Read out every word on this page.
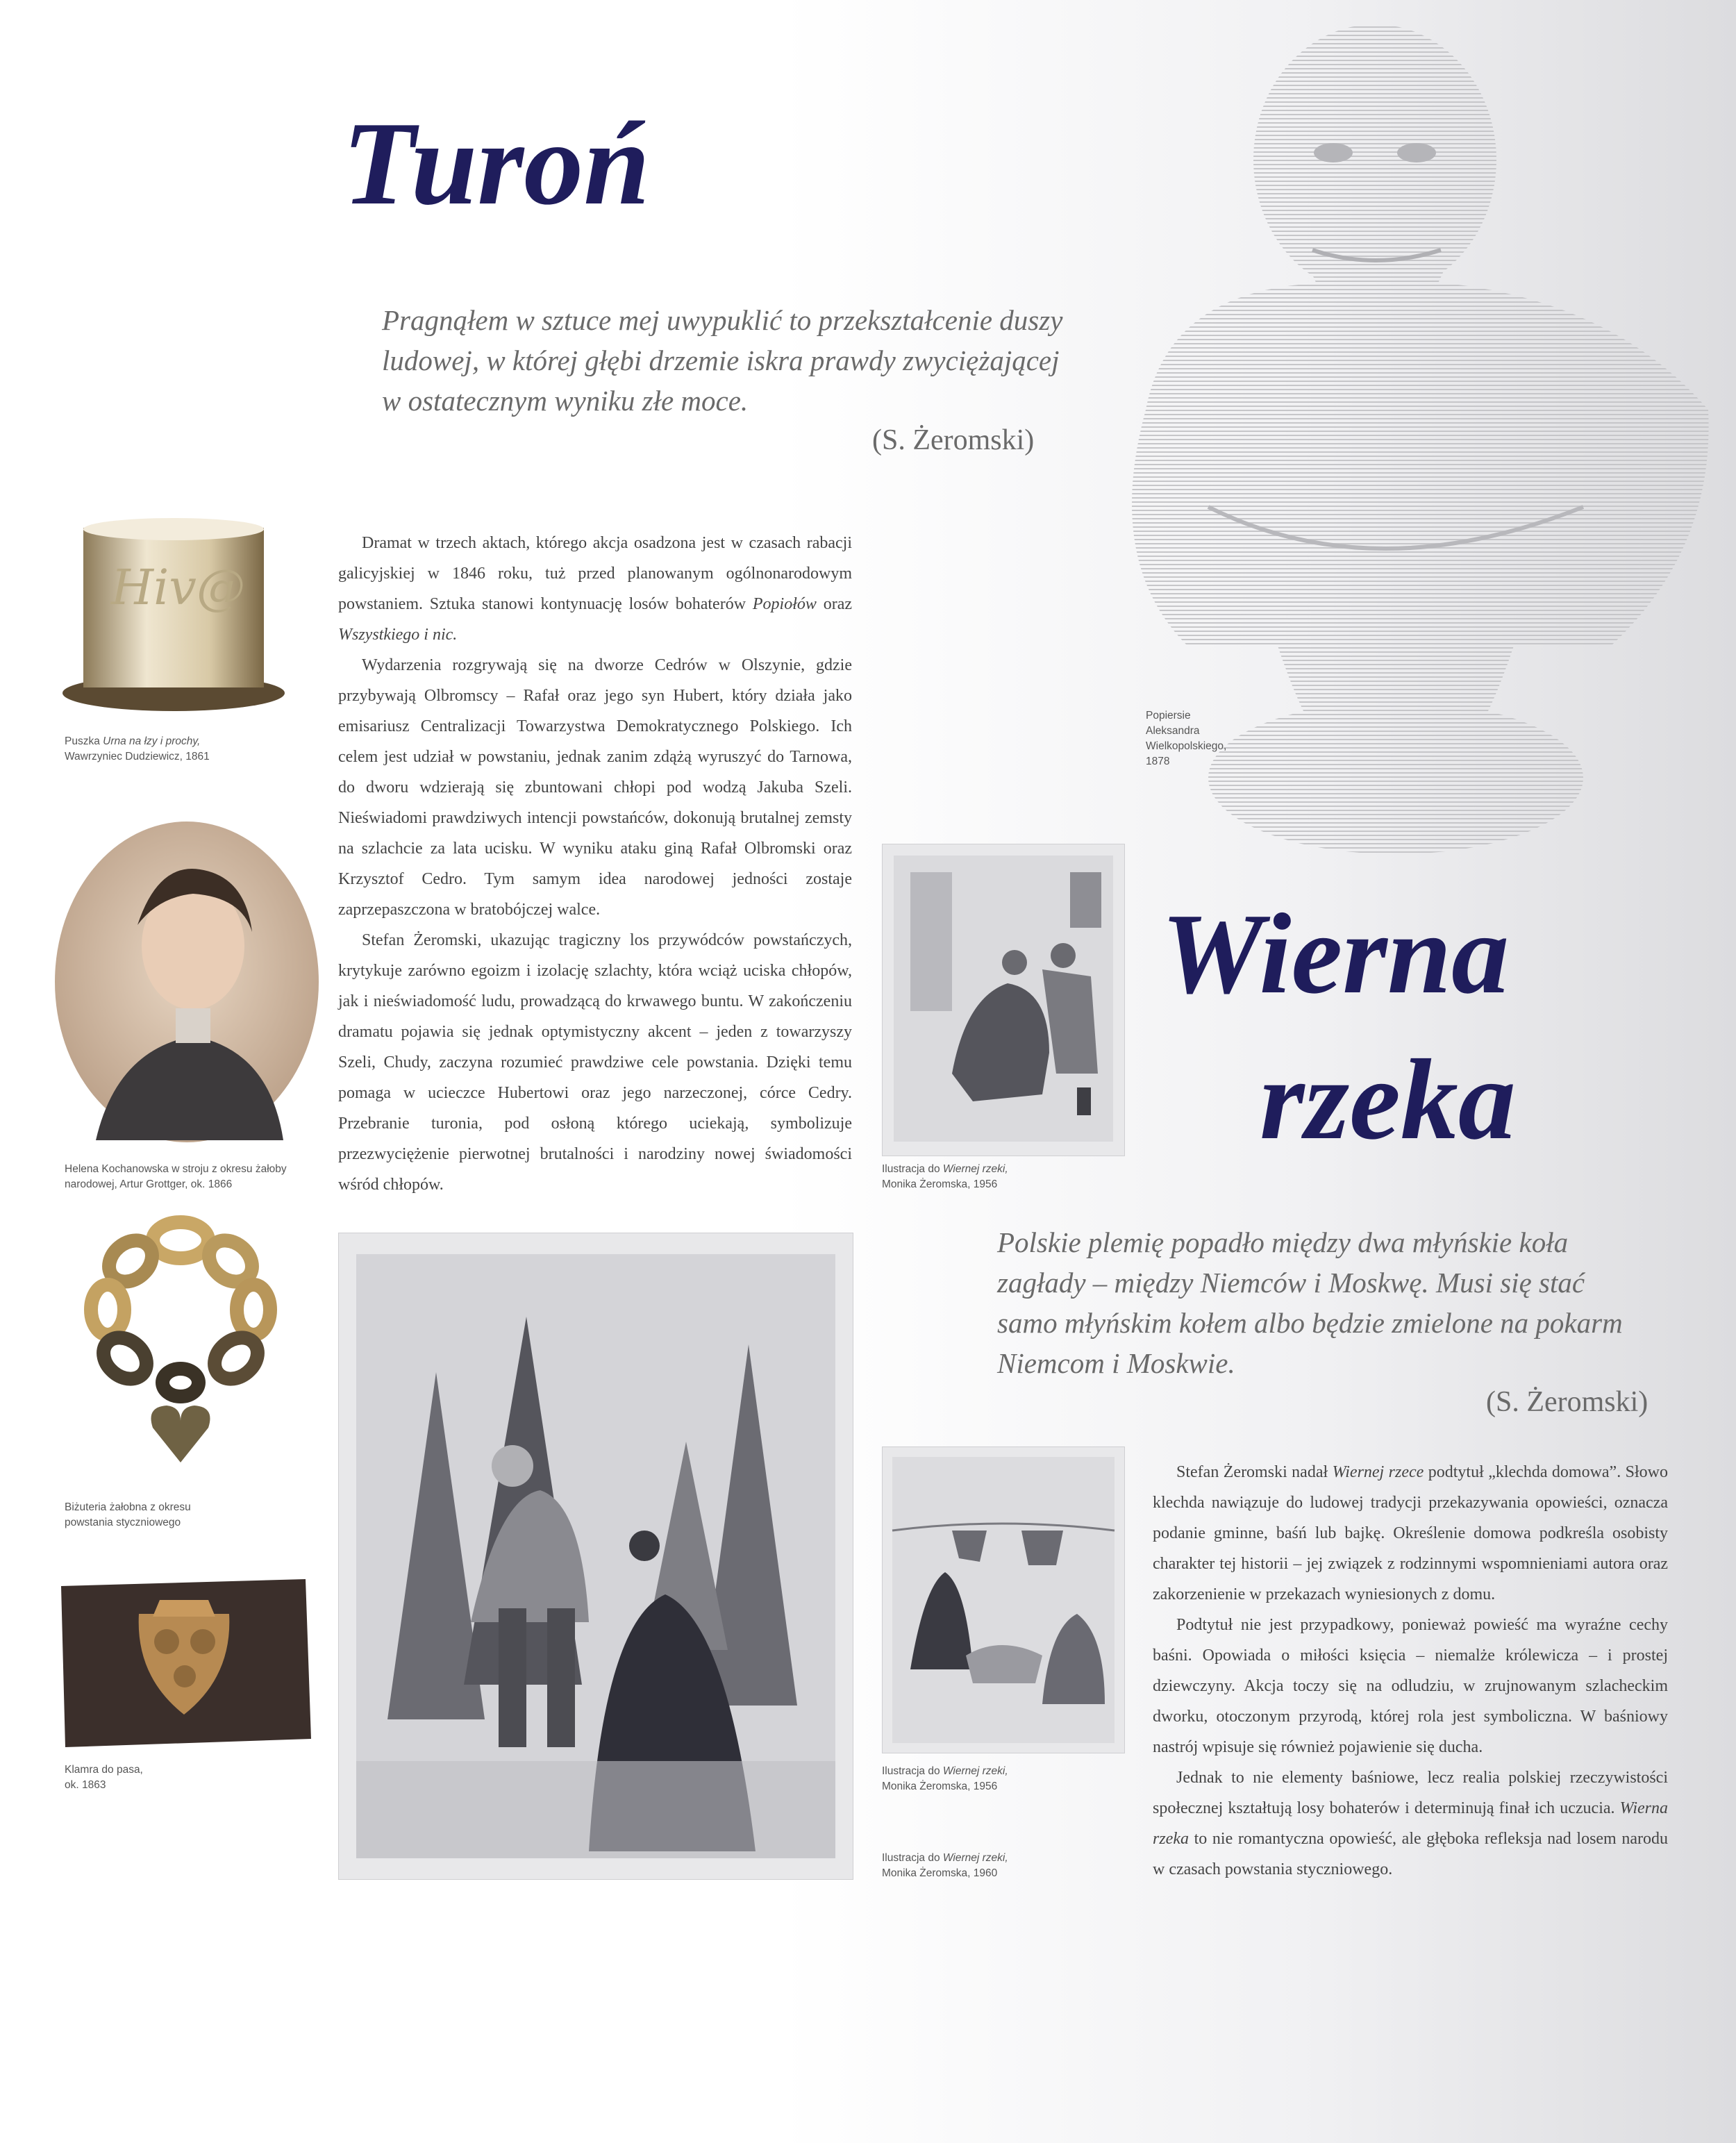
Turoń
Pragnąłem w sztuce mej uwypuklić to przekształcenie duszy ludowej, w której głębi drzemie iskra prawdy zwyciężającej w ostatecznym wyniku złe moce.
(S. Żeromski)
Hiv@
Puszka Urna na łzy i prochy,
Wawrzyniec Dudziewicz, 1861
Helena Kochanowska w stroju z okresu żałoby
narodowej, Artur Grottger, ok. 1866
Biżuteria żałobna z okresu
powstania styczniowego
Klamra do pasa,
ok. 1863

Dramat w trzech aktach, którego akcja osadzona jest w czasach rabacji galicyjskiej w 1846 roku, tuż przed planowanym ogólnonarodowym powstaniem. Sztuka stanowi kontynuację losów bohaterów Popiołów oraz Wszystkiego i nic.

Wydarzenia rozgrywają się na dworze Cedrów w Olszynie, gdzie przybywają Olbromscy – Rafał oraz jego syn Hubert, który działa jako emisariusz Centralizacji Towarzystwa Demokratycznego Polskiego. Ich celem jest udział w powstaniu, jednak zanim zdążą wyruszyć do Tarnowa, do dworu wdzierają się zbuntowani chłopi pod wodzą Jakuba Szeli. Nieświadomi prawdziwych intencji powstańców, dokonują brutalnej zemsty na szlachcie za lata ucisku. W wyniku ataku giną Rafał Olbromski oraz Krzysztof Cedro. Tym samym idea narodowej jedności zostaje zaprzepaszczona w bratobójczej walce.

Stefan Żeromski, ukazując tragiczny los przywódców powstańczych, krytykuje zarówno egoizm i izolację szlachty, która wciąż uciska chłopów, jak i nieświadomość ludu, prowadzącą do krwawego buntu. W zakończeniu dramatu pojawia się jednak optymistyczny akcent – jeden z towarzyszy Szeli, Chudy, zaczyna rozumieć prawdziwe cele powstania. Dzięki temu pomaga w ucieczce Hubertowi oraz jego narzeczonej, córce Cedry. Przebranie turonia, pod osłoną którego uciekają, symbolizuje przezwyciężenie pierwotnej brutalności i narodziny nowej świadomości wśród chłopów.

Popiersie
Aleksandra
Wielkopolskiego,
1878
Ilustracja do Wiernej rzeki,
Monika Żeromska, 1956
Wierna
rzeka
Polskie plemię popadło między dwa młyńskie koła zagłady – między Niemców i Moskwę. Musi się stać samo młyńskim kołem albo będzie zmielone na pokarm Niemcom i Moskwie.
(S. Żeromski)
Ilustracja do Wiernej rzeki,
Monika Żeromska, 1956
Ilustracja do Wiernej rzeki,
Monika Żeromska, 1960

Stefan Żeromski nadał Wiernej rzece podtytuł „klechda domowa”. Słowo klechda nawiązuje do ludowej tradycji przekazywania opowieści, oznacza podanie gminne, baśń lub bajkę. Określenie domowa podkreśla osobisty charakter tej historii – jej związek z rodzinnymi wspomnieniami autora oraz zakorzenienie w przekazach wyniesionych z domu.

Podtytuł nie jest przypadkowy, ponieważ powieść ma wyraźne cechy baśni. Opowiada o miłości księcia – niemalże królewicza – i prostej dziewczyny. Akcja toczy się na odludziu, w zrujnowanym szlacheckim dworku, otoczonym przyrodą, której rola jest symboliczna. W baśniowy nastrój wpisuje się również pojawienie się ducha.

Jednak to nie elementy baśniowe, lecz realia polskiej rzeczywistości społecznej kształtują losy bohaterów i determinują finał ich uczucia. Wierna rzeka to nie romantyczna opowieść, ale głęboka refleksja nad losem narodu w czasach powstania styczniowego.
